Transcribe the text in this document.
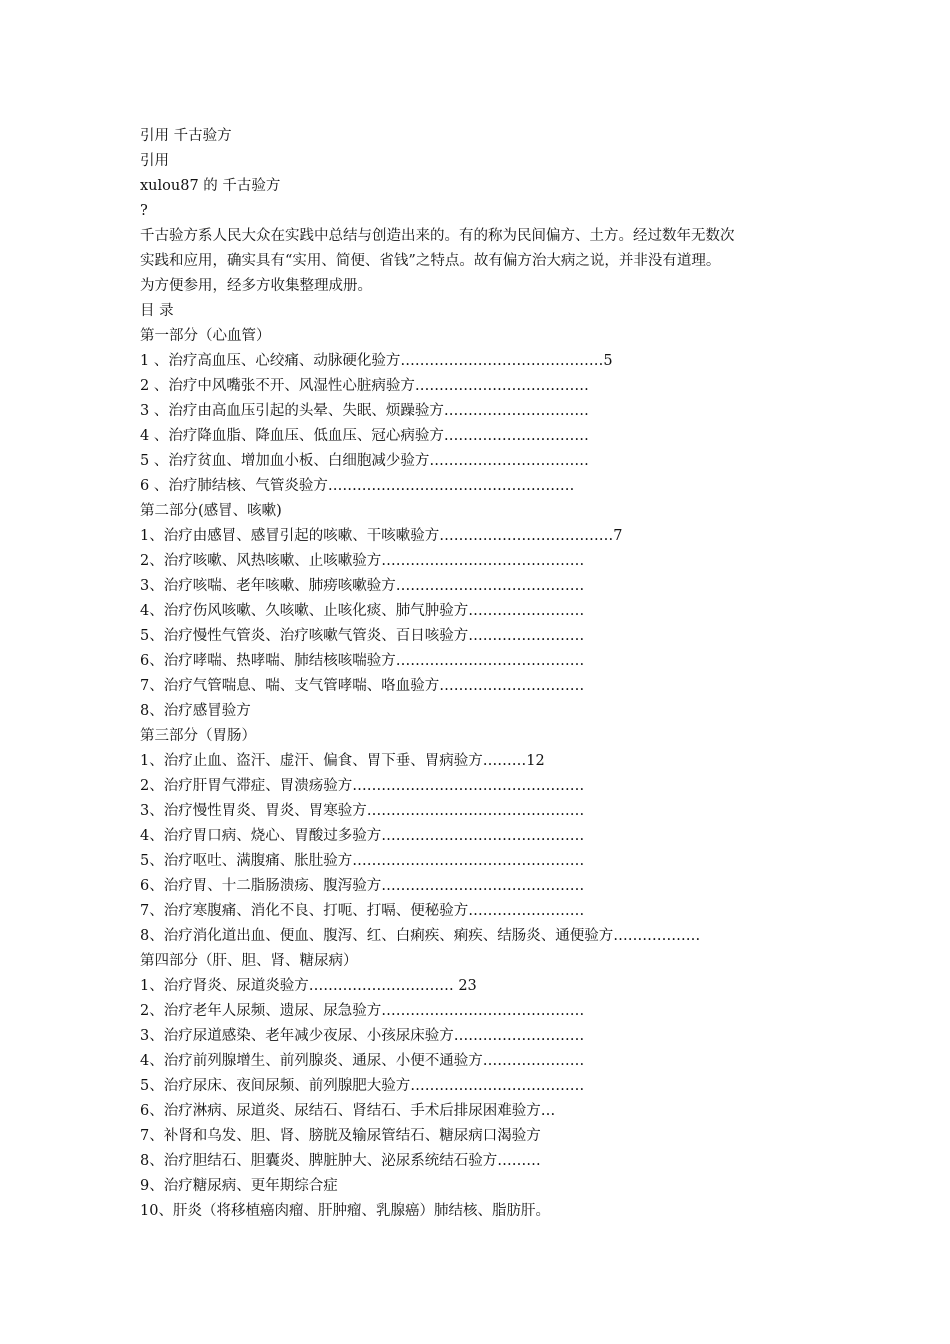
引用 千古验方
引用
xulou87 的 千古验方
?
千古验方系人民大众在实践中总结与创造出来的。有的称为民间偏方、土方。经过数年无数次
实践和应用，确实具有“实用、简便、省钱”之特点。故有偏方治大病之说，并非没有道理。
为方便参用，经多方收集整理成册。
目 录
第一部分（心血管）
1 、治疗高血压、心绞痛、动脉硬化验方……………………………………5
2 、治疗中风嘴张不开、风湿性心脏病验方………………………………
3 、治疗由高血压引起的头晕、失眠、烦躁验方…………………………
4 、治疗降血脂、降血压、低血压、冠心病验方…………………………
5 、治疗贫血、增加血小板、白细胞减少验方……………………………
6 、治疗肺结核、气管炎验方……………………………………………
第二部分(感冒、咳嗽)
1、治疗由感冒、感冒引起的咳嗽、干咳嗽验方………………………………7
2、治疗咳嗽、风热咳嗽、止咳嗽验方……………………………………
3、治疗咳喘、老年咳嗽、肺痨咳嗽验方…………………………………
4、治疗伤风咳嗽、久咳嗽、止咳化痰、肺气肿验方……………………
5、治疗慢性气管炎、治疗咳嗽气管炎、百日咳验方……………………
6、治疗哮喘、热哮喘、肺结核咳喘验方…………………………………
7、治疗气管喘息、喘、支气管哮喘、咯血验方…………………………
8、治疗感冒验方
第三部分（胃肠）
1、治疗止血、盗汗、虚汗、偏食、胃下垂、胃病验方………12
2、治疗肝胃气滞症、胃溃疡验方…………………………………………
3、治疗慢性胃炎、胃炎、胃寒验方………………………………………
4、治疗胃口病、烧心、胃酸过多验方……………………………………
5、治疗呕吐、满腹痛、胀肚验方…………………………………………
6、治疗胃、十二脂肠溃疡、腹泻验方……………………………………
7、治疗寒腹痛、消化不良、打呃、打嗝、便秘验方……………………
8、治疗消化道出血、便血、腹泻、红、白痢疾、痢疾、结肠炎、通便验方………………
第四部分（肝、胆、肾、糖尿病）
1、治疗肾炎、尿道炎验方………………………… 23
2、治疗老年人尿频、遗尿、尿急验方……………………………………
3、治疗尿道感染、老年减少夜尿、小孩尿床验方………………………
4、治疗前列腺增生、前列腺炎、通尿、小便不通验方…………………
5、治疗尿床、夜间尿频、前列腺肥大验方………………………………
6、治疗淋病、尿道炎、尿结石、肾结石、手术后排尿困难验方…
7、补肾和乌发、胆、肾、膀胱及输尿管结石、糖尿病口渴验方
8、治疗胆结石、胆囊炎、脾脏肿大、泌尿系统结石验方………
9、治疗糖尿病、更年期综合症
10、肝炎（将移植癌肉瘤、肝肿瘤、乳腺癌）肺结核、脂肪肝。
